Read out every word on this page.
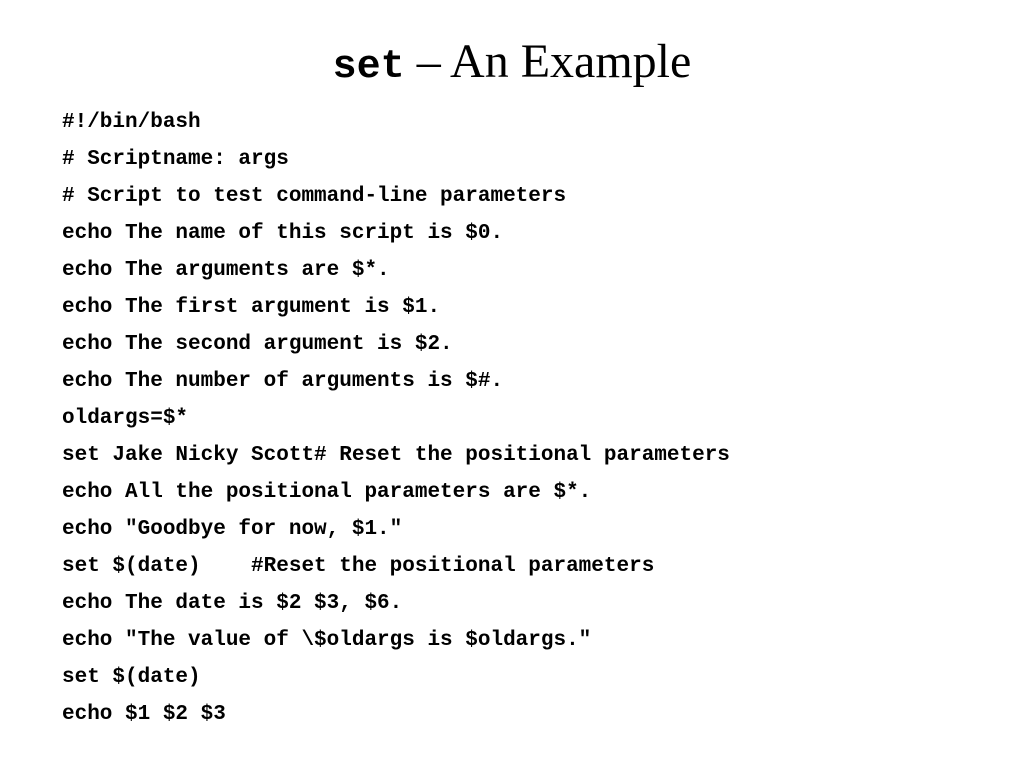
set – An Example
#!/bin/bash
# Scriptname: args
# Script to test command-line parameters
echo The name of this script is $0.
echo The arguments are $*.
echo The first argument is $1.
echo The second argument is $2.
echo The number of arguments is $#.
oldargs=$*
set Jake Nicky Scott# Reset the positional parameters
echo All the positional parameters are $*.
echo "Goodbye for now, $1."
set $(date)    #Reset the positional parameters
echo The date is $2 $3, $6.
echo "The value of \$oldargs is $oldargs."
set $(date)
echo $1 $2 $3
